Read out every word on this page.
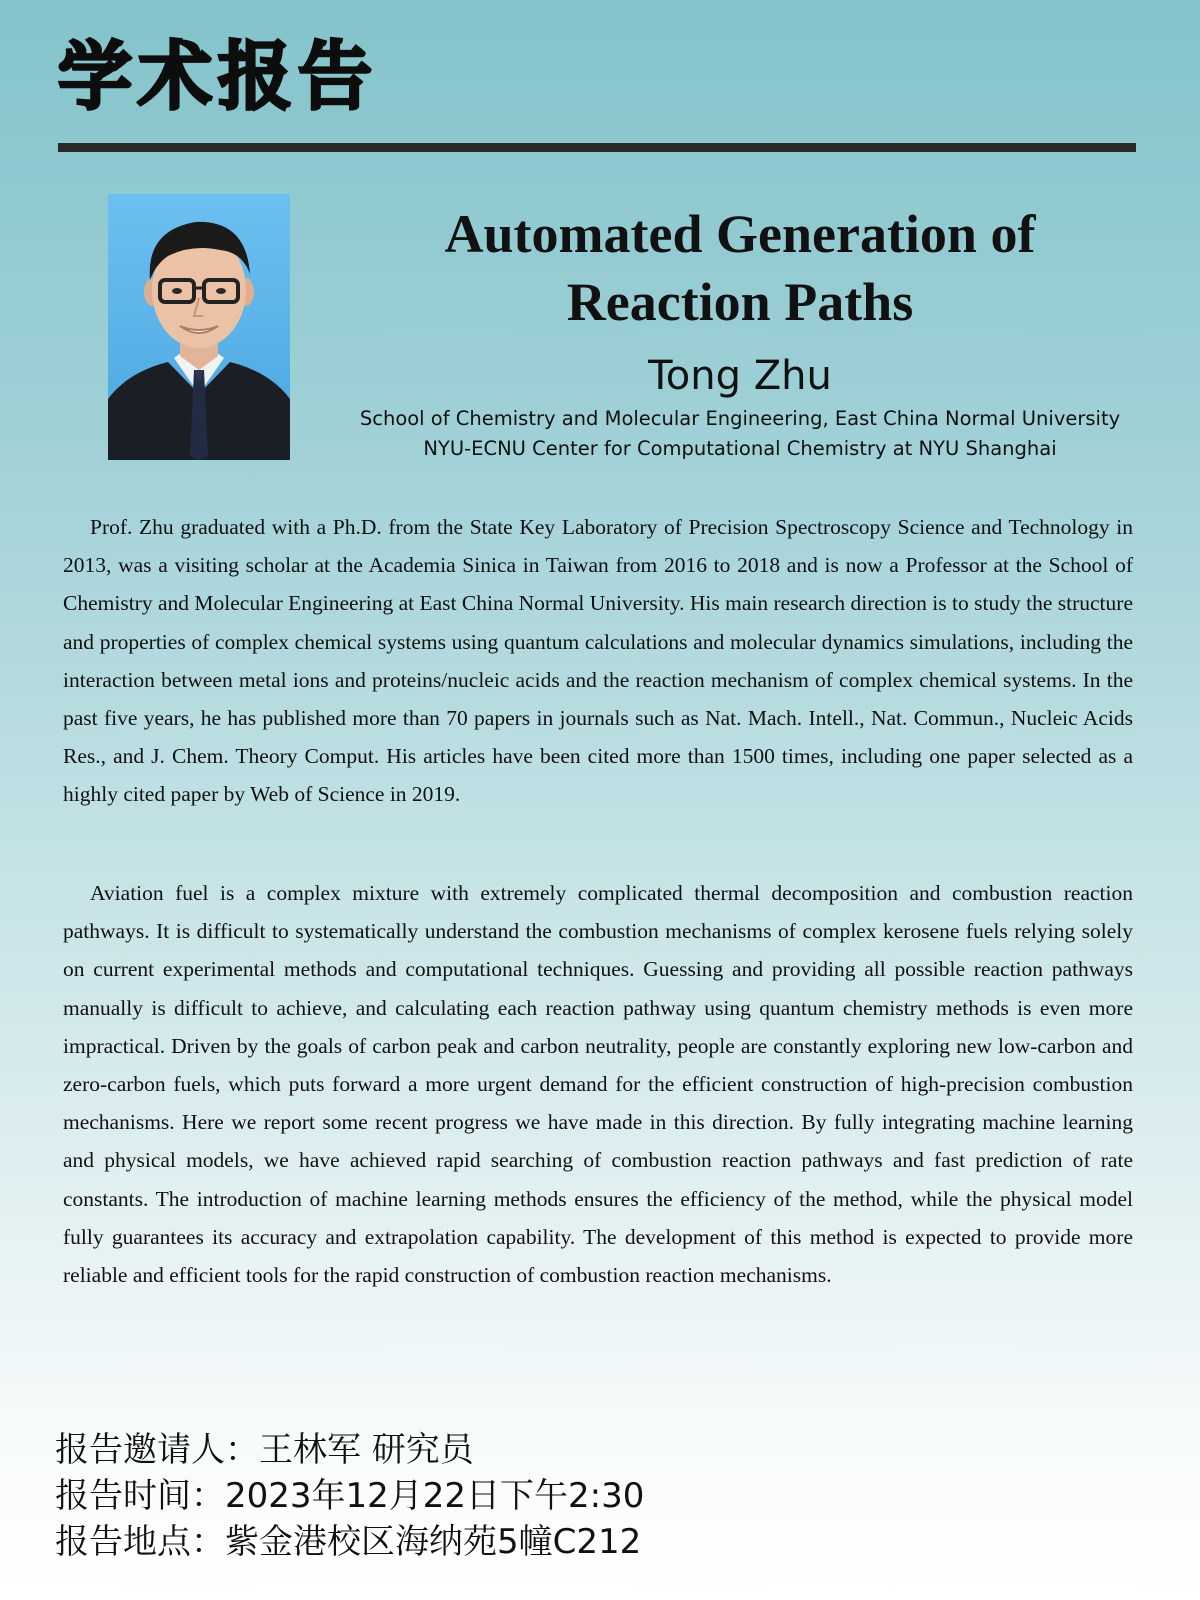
学术报告
Automated Generation of
Reaction Paths
Tong Zhu
School of Chemistry and Molecular Engineering, East China Normal University
NYU-ECNU Center for Computational Chemistry at NYU Shanghai

Prof. Zhu graduated with a Ph.D. from the State Key Laboratory of Precision Spectroscopy Science and Technology in 2013, was a visiting scholar at the Academia Sinica in Taiwan from 2016 to 2018 and is now a Professor at the School of Chemistry and Molecular Engineering at East China Normal University. His main research direction is to study the structure and properties of complex chemical systems using quantum calculations and molecular dynamics simulations, including the interaction between metal ions and proteins/nucleic acids and the reaction mechanism of complex chemical systems. In the past five years, he has published more than 70 papers in journals such as Nat. Mach. Intell., Nat. Commun., Nucleic Acids Res., and J. Chem. Theory Comput. His articles have been cited more than 1500 times, including one paper selected as a highly cited paper by Web of Science in 2019.

Aviation fuel is a complex mixture with extremely complicated thermal decomposition and combustion reaction pathways. It is difficult to systematically understand the combustion mechanisms of complex kerosene fuels relying solely on current experimental methods and computational techniques. Guessing and providing all possible reaction pathways manually is difficult to achieve, and calculating each reaction pathway using quantum chemistry methods is even more impractical. Driven by the goals of carbon peak and carbon neutrality, people are constantly exploring new low-carbon and zero-carbon fuels, which puts forward a more urgent demand for the efficient construction of high-precision combustion mechanisms. Here we report some recent progress we have made in this direction. By fully integrating machine learning and physical models, we have achieved rapid searching of combustion reaction pathways and fast prediction of rate constants. The introduction of machine learning methods ensures the efficiency of the method, while the physical model fully guarantees its accuracy and extrapolation capability. The development of this method is expected to provide more reliable and efficient tools for the rapid construction of combustion reaction mechanisms.

报告邀请人：王林军 研究员
报告时间：2023年12月22日下午2:30
报告地点：紫金港校区海纳苑5幢C212
